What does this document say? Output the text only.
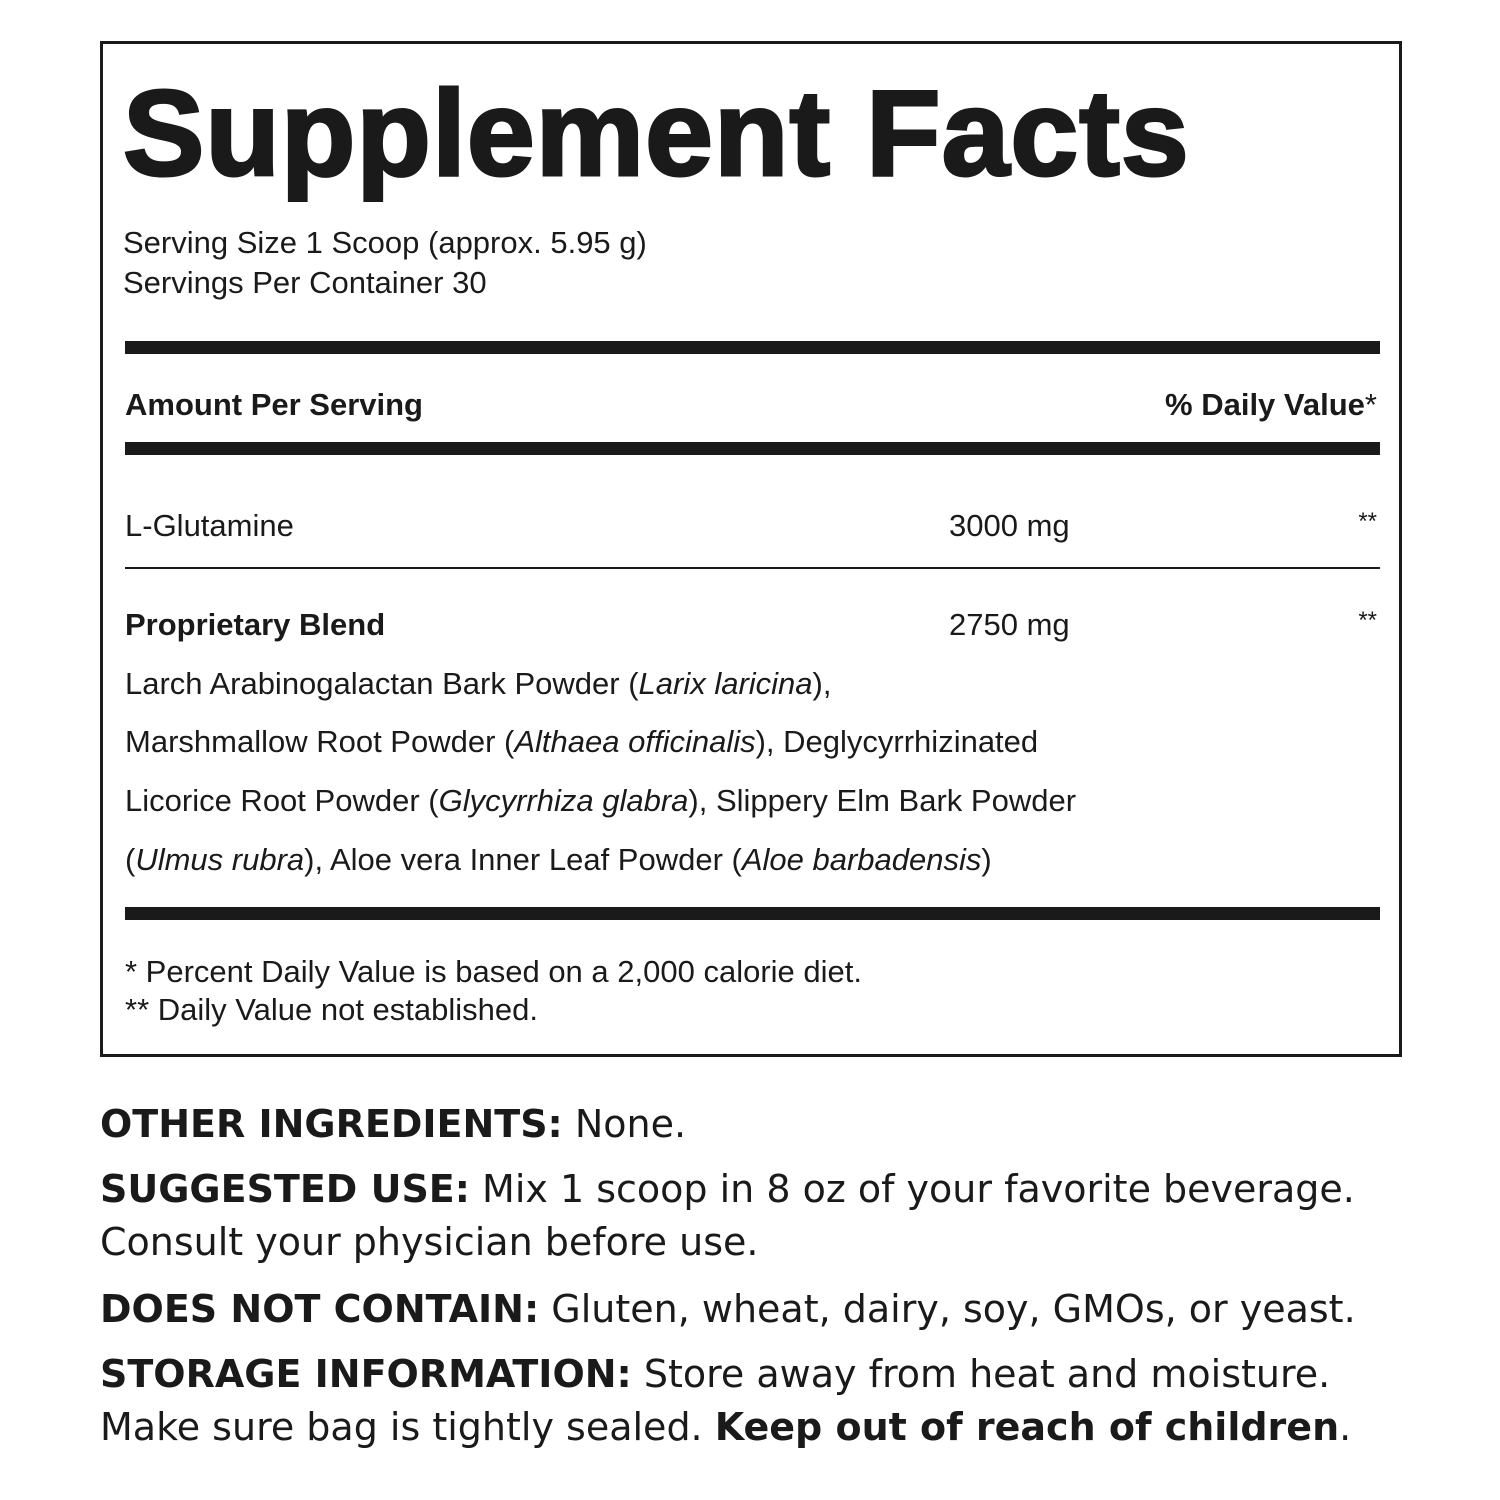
Supplement Facts
Serving Size 1 Scoop (approx. 5.95 g)
Servings Per Container 30
Amount Per Serving	% Daily Value*
L-Glutamine	3000 mg	**
Proprietary Blend	2750 mg	**
Larch Arabinogalactan Bark Powder (Larix laricina),
Marshmallow Root Powder (Althaea officinalis), Deglycyrrhizinated
Licorice Root Powder (Glycyrrhiza glabra), Slippery Elm Bark Powder
(Ulmus rubra), Aloe vera Inner Leaf Powder (Aloe barbadensis)
* Percent Daily Value is based on a 2,000 calorie diet.
** Daily Value not established.
OTHER INGREDIENTS: None.
SUGGESTED USE: Mix 1 scoop in 8 oz of your favorite beverage.
Consult your physician before use.
DOES NOT CONTAIN: Gluten, wheat, dairy, soy, GMOs, or yeast.
STORAGE INFORMATION: Store away from heat and moisture.
Make sure bag is tightly sealed. Keep out of reach of children.
